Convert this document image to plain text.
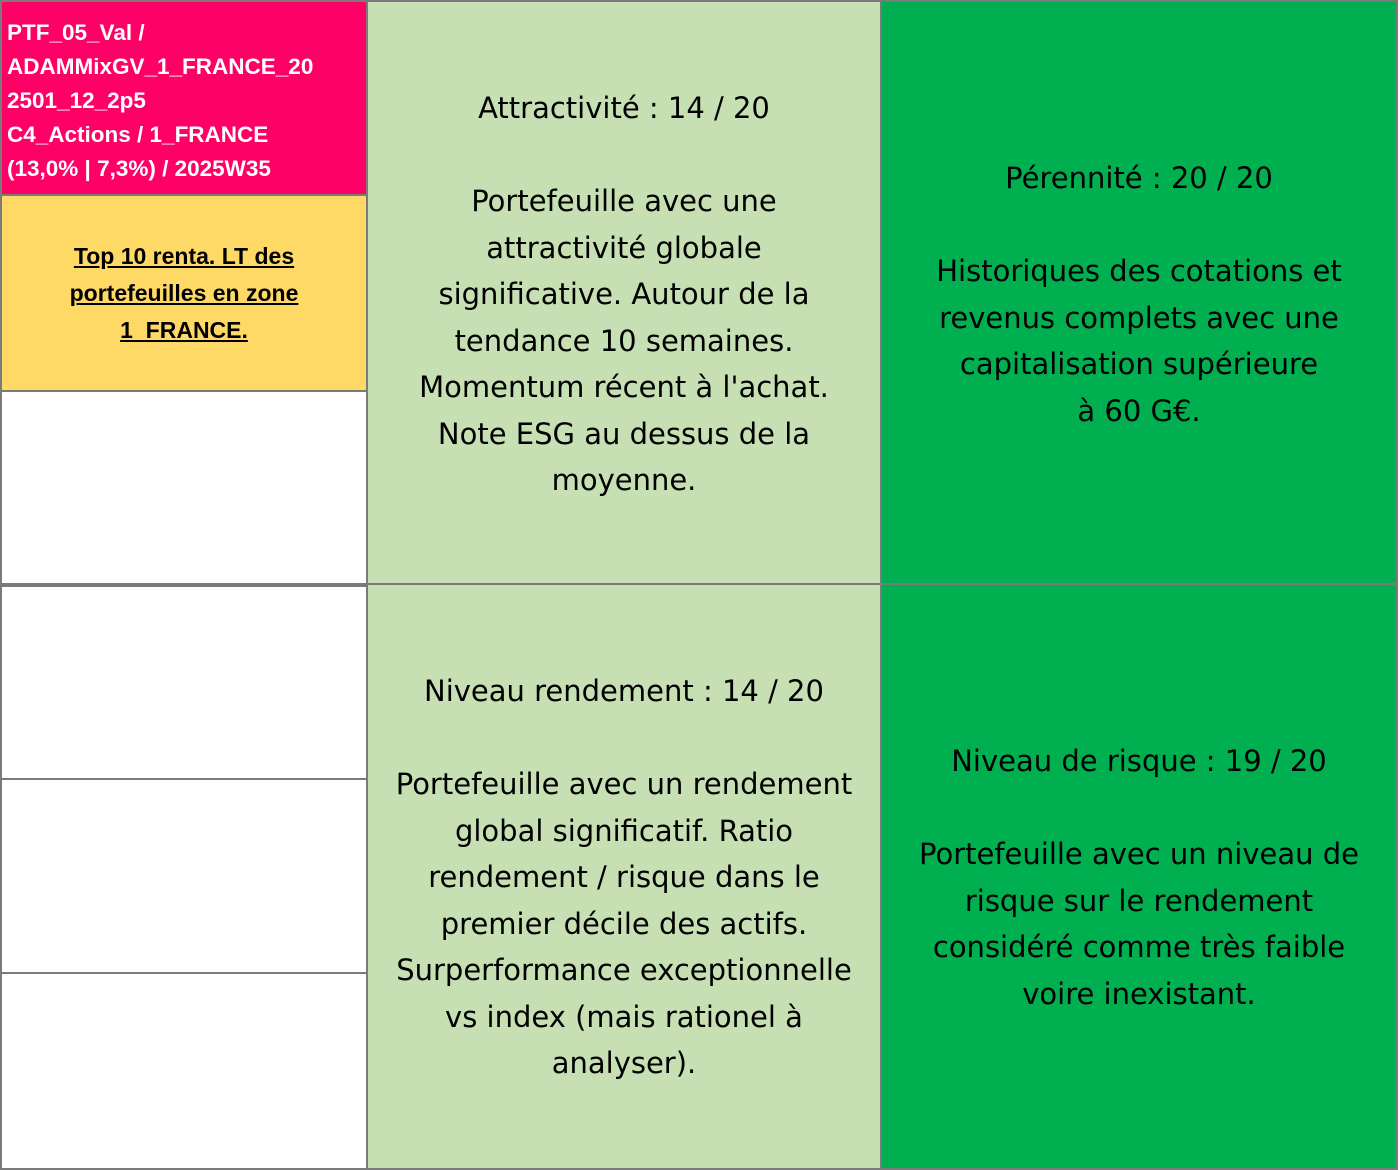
PTF_05_Val /
ADAMMixGV_1_FRANCE_20
2501_12_2p5
C4_Actions / 1_FRANCE
(13,0% | 7,3%) / 2025W35

Top 10 renta. LT des
portefeuilles en zone
1_FRANCE.

Attractivité : 14 / 20

Portefeuille avec une
attractivité globale
significative. Autour de la
tendance 10 semaines.
Momentum récent à l'achat.
Note ESG au dessus de la
moyenne.

Pérennité : 20 / 20

Historiques des cotations et
revenus complets avec une
capitalisation supérieure
à 60 G€.

Niveau rendement : 14 / 20

Portefeuille avec un rendement
global significatif. Ratio
rendement / risque dans le
premier décile des actifs.
Surperformance exceptionnelle
vs index (mais rationel à
analyser).

Niveau de risque : 19 / 20

Portefeuille avec un niveau de
risque sur le rendement
considéré comme très faible
voire inexistant.
